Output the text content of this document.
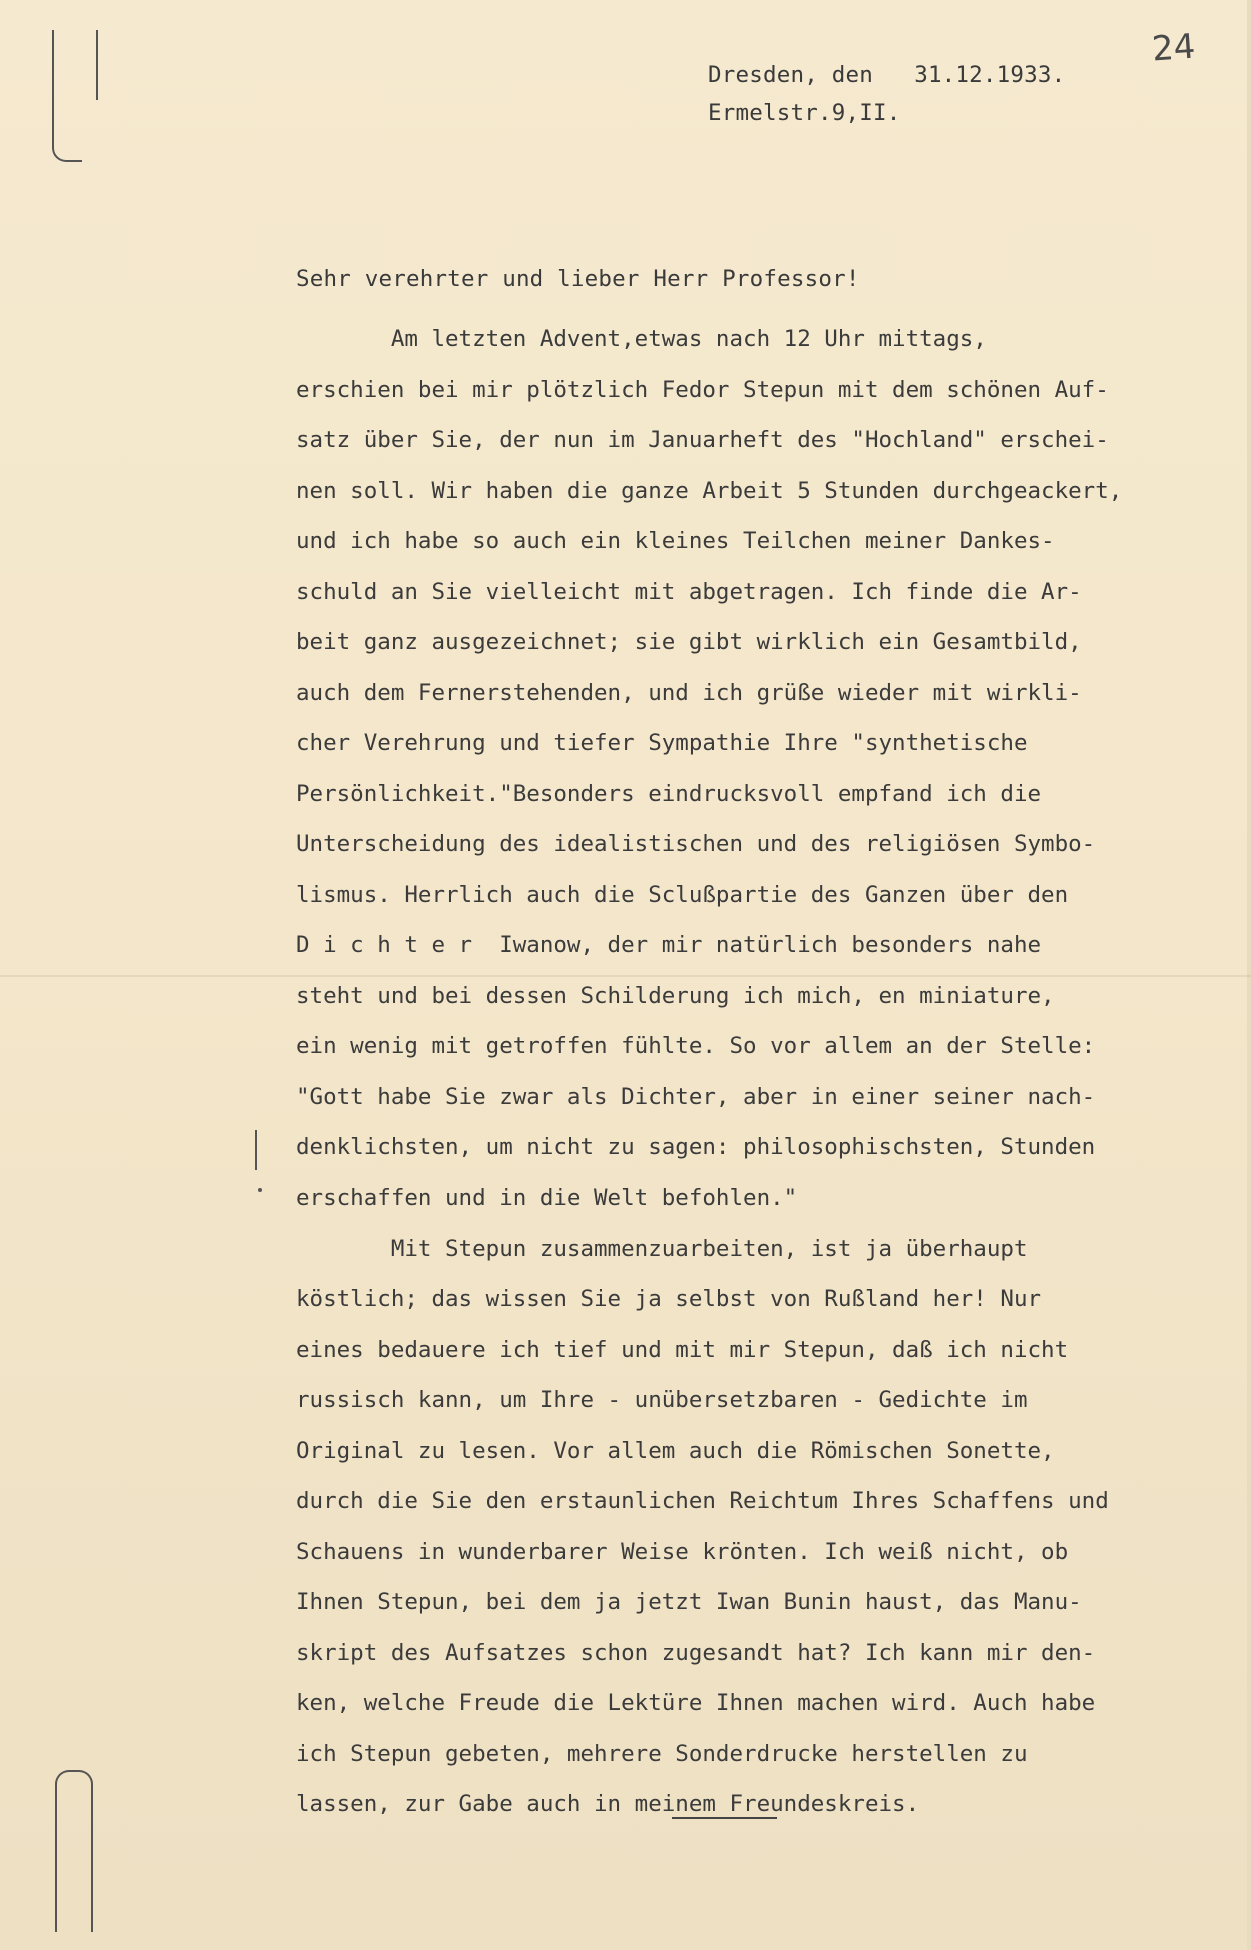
Dresden, den   31.12.1933.
Ermelstr.9,II.
24
Sehr verehrter und lieber Herr Professor!
Am letzten Advent,etwas nach 12 Uhr mittags,
erschien bei mir plötzlich Fedor Stepun mit dem schönen Auf-
satz über Sie, der nun im Januarheft des "Hochland" erschei-
nen soll. Wir haben die ganze Arbeit 5 Stunden durchgeackert,
und ich habe so auch ein kleines Teilchen meiner Dankes-
schuld an Sie vielleicht mit abgetragen. Ich finde die Ar-
beit ganz ausgezeichnet; sie gibt wirklich ein Gesamtbild,
auch dem Fernerstehenden, und ich grüße wieder mit wirkli-
cher Verehrung und tiefer Sympathie Ihre "synthetische
Persönlichkeit."Besonders eindrucksvoll empfand ich die
Unterscheidung des idealistischen und des religiösen Symbo-
lismus. Herrlich auch die Sclußpartie des Ganzen über den
D i c h t e r  Iwanow, der mir natürlich besonders nahe
steht und bei dessen Schilderung ich mich, en miniature,
ein wenig mit getroffen fühlte. So vor allem an der Stelle:
"Gott habe Sie zwar als Dichter, aber in einer seiner nach-
denklichsten, um nicht zu sagen: philosophischsten, Stunden
erschaffen und in die Welt befohlen."
Mit Stepun zusammenzuarbeiten, ist ja überhaupt
köstlich; das wissen Sie ja selbst von Rußland her! Nur
eines bedauere ich tief und mit mir Stepun, daß ich nicht
russisch kann, um Ihre - unübersetzbaren - Gedichte im
Original zu lesen. Vor allem auch die Römischen Sonette,
durch die Sie den erstaunlichen Reichtum Ihres Schaffens und
Schauens in wunderbarer Weise krönten. Ich weiß nicht, ob
Ihnen Stepun, bei dem ja jetzt Iwan Bunin haust, das Manu-
skript des Aufsatzes schon zugesandt hat? Ich kann mir den-
ken, welche Freude die Lektüre Ihnen machen wird. Auch habe
ich Stepun gebeten, mehrere Sonderdrucke herstellen zu
lassen, zur Gabe auch in meinem Freundeskreis.
